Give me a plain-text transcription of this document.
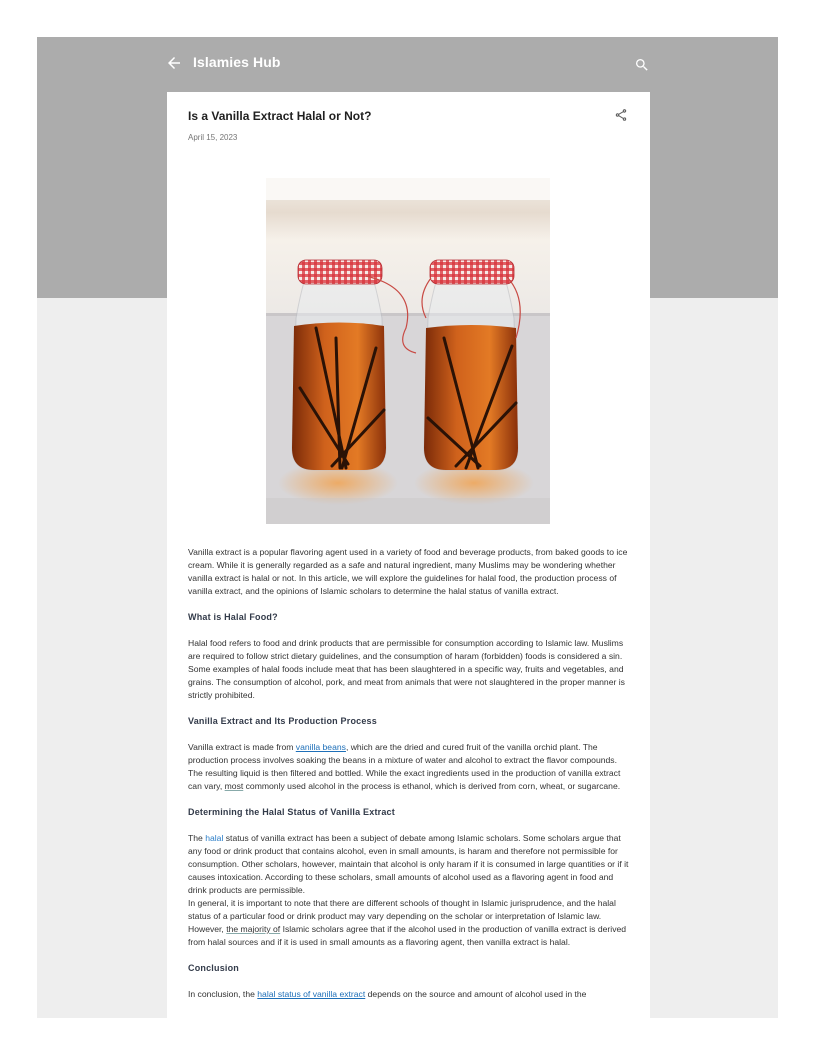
Islamies Hub
Is a Vanilla Extract Halal or Not?
April 15, 2023

Vanilla extract is a popular flavoring agent used in a variety of food and beverage products, from baked goods to ice cream. While it is generally regarded as a safe and natural ingredient, many Muslims may be wondering whether vanilla extract is halal or not. In this article, we will explore the guidelines for halal food, the production process of vanilla extract, and the opinions of Islamic scholars to determine the halal status of vanilla extract.

What is Halal Food?

Halal food refers to food and drink products that are permissible for consumption according to Islamic law. Muslims are required to follow strict dietary guidelines, and the consumption of haram (forbidden) foods is considered a sin. Some examples of halal foods include meat that has been slaughtered in a specific way, fruits and vegetables, and grains. The consumption of alcohol, pork, and meat from animals that were not slaughtered in the proper manner is strictly prohibited.

Vanilla Extract and Its Production Process

Vanilla extract is made from vanilla beans, which are the dried and cured fruit of the vanilla orchid plant. The production process involves soaking the beans in a mixture of water and alcohol to extract the flavor compounds. The resulting liquid is then filtered and bottled. While the exact ingredients used in the production of vanilla extract can vary, most commonly used alcohol in the process is ethanol, which is derived from corn, wheat, or sugarcane.

Determining the Halal Status of Vanilla Extract

The halal status of vanilla extract has been a subject of debate among Islamic scholars. Some scholars argue that any food or drink product that contains alcohol, even in small amounts, is haram and therefore not permissible for consumption. Other scholars, however, maintain that alcohol is only haram if it is consumed in large quantities or if it causes intoxication. According to these scholars, small amounts of alcohol used as a flavoring agent in food and drink products are permissible.

In general, it is important to note that there are different schools of thought in Islamic jurisprudence, and the halal status of a particular food or drink product may vary depending on the scholar or interpretation of Islamic law. However, the majority of Islamic scholars agree that if the alcohol used in the production of vanilla extract is derived from halal sources and if it is used in small amounts as a flavoring agent, then vanilla extract is halal.

Conclusion

In conclusion, the halal status of vanilla extract depends on the source and amount of alcohol used in the
